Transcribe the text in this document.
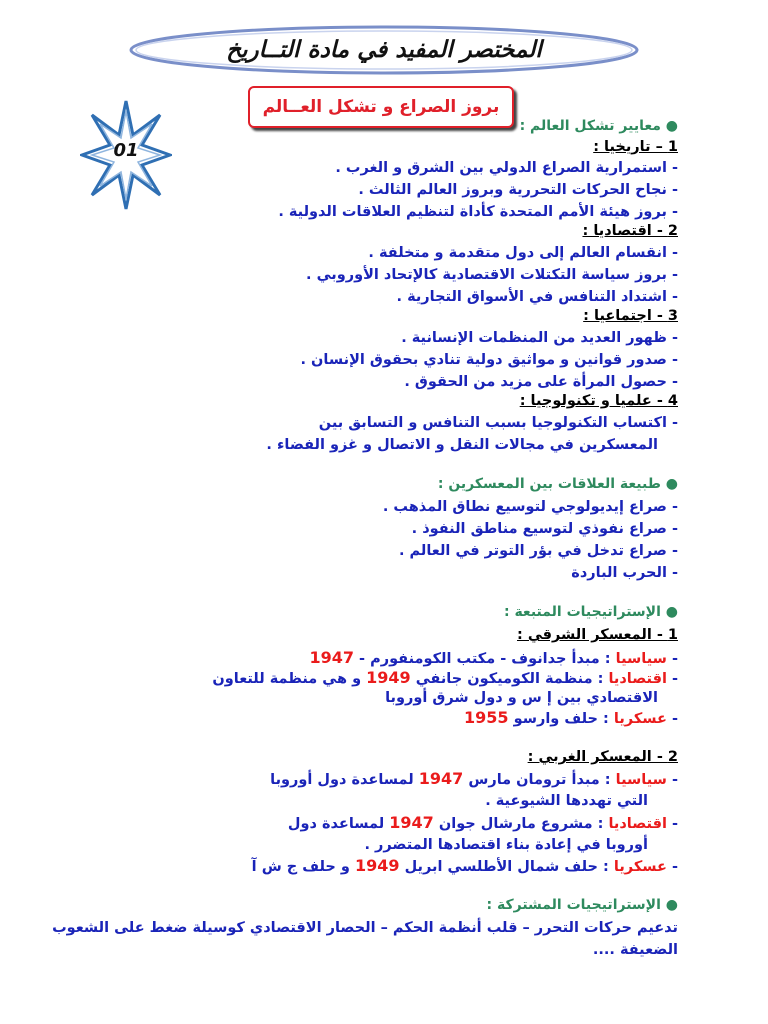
المختصر المفيد في مادة التــاريخ
01
بروز الصراع و تشكل العــالم
● معايير تشكل العالم :
1 – تاريخيا :
- استمرارية الصراع الدولي بين الشرق و الغرب .
- نجاح الحركات التحررية وبروز العالم الثالث .
- بروز هيئة الأمم المتحدة كأداة لتنظيم العلاقات الدولية .
2 - اقتصاديا :
- انقسام العالم إلى دول متقدمة و متخلفة .
- بروز سياسة التكتلات الاقتصادية كالإتحاد الأوروبي .
- اشتداد التنافس في الأسواق التجارية .
3 - اجتماعيا :
- ظهور العديد من المنظمات الإنسانية .
- صدور قوانين و مواثيق دولية تنادي بحقوق الإنسان .
- حصول المرأة على مزيد من الحقوق .
4 - علميا و تكنولوجيا :
- اكتساب التكنولوجيا بسبب التنافس و التسابق بين
المعسكرين في مجالات النقل و الاتصال و غزو الفضاء .
● طبيعة العلاقات بين المعسكرين :
- صراع إيديولوجي لتوسيع نطاق المذهب .
- صراع نفوذي لتوسيع مناطق النفوذ .
- صراع تدخل في بؤر التوتر في العالم .
- الحرب الباردة
● الإستراتيجيات المتبعة :
1 - المعسكر الشرقي :
- سياسيا : مبدأ جدانوف - مكتب الكومنفورم - 1947
- اقتصاديا : منظمة الكوميكون جانفي 1949 و هي منظمة للتعاون
الاقتصادي بين إ س و دول شرق أوروبا
- عسكريا : حلف وارسو 1955
2 - المعسكر الغربي :
- سياسيا : مبدأ ترومان مارس 1947 لمساعدة دول أوروبا
التي تهددها الشيوعية .
- اقتصاديا : مشروع مارشال جوان 1947 لمساعدة دول
أوروبا في إعادة بناء اقتصادها المتضرر .
- عسكريا : حلف شمال الأطلسي ابريل 1949 و حلف ج ش آ
● الإستراتيجيات المشتركة :
تدعيم حركات التحرر – قلب أنظمة الحكم – الحصار الاقتصادي كوسيلة ضغط على الشعوب
الضعيفة ....
